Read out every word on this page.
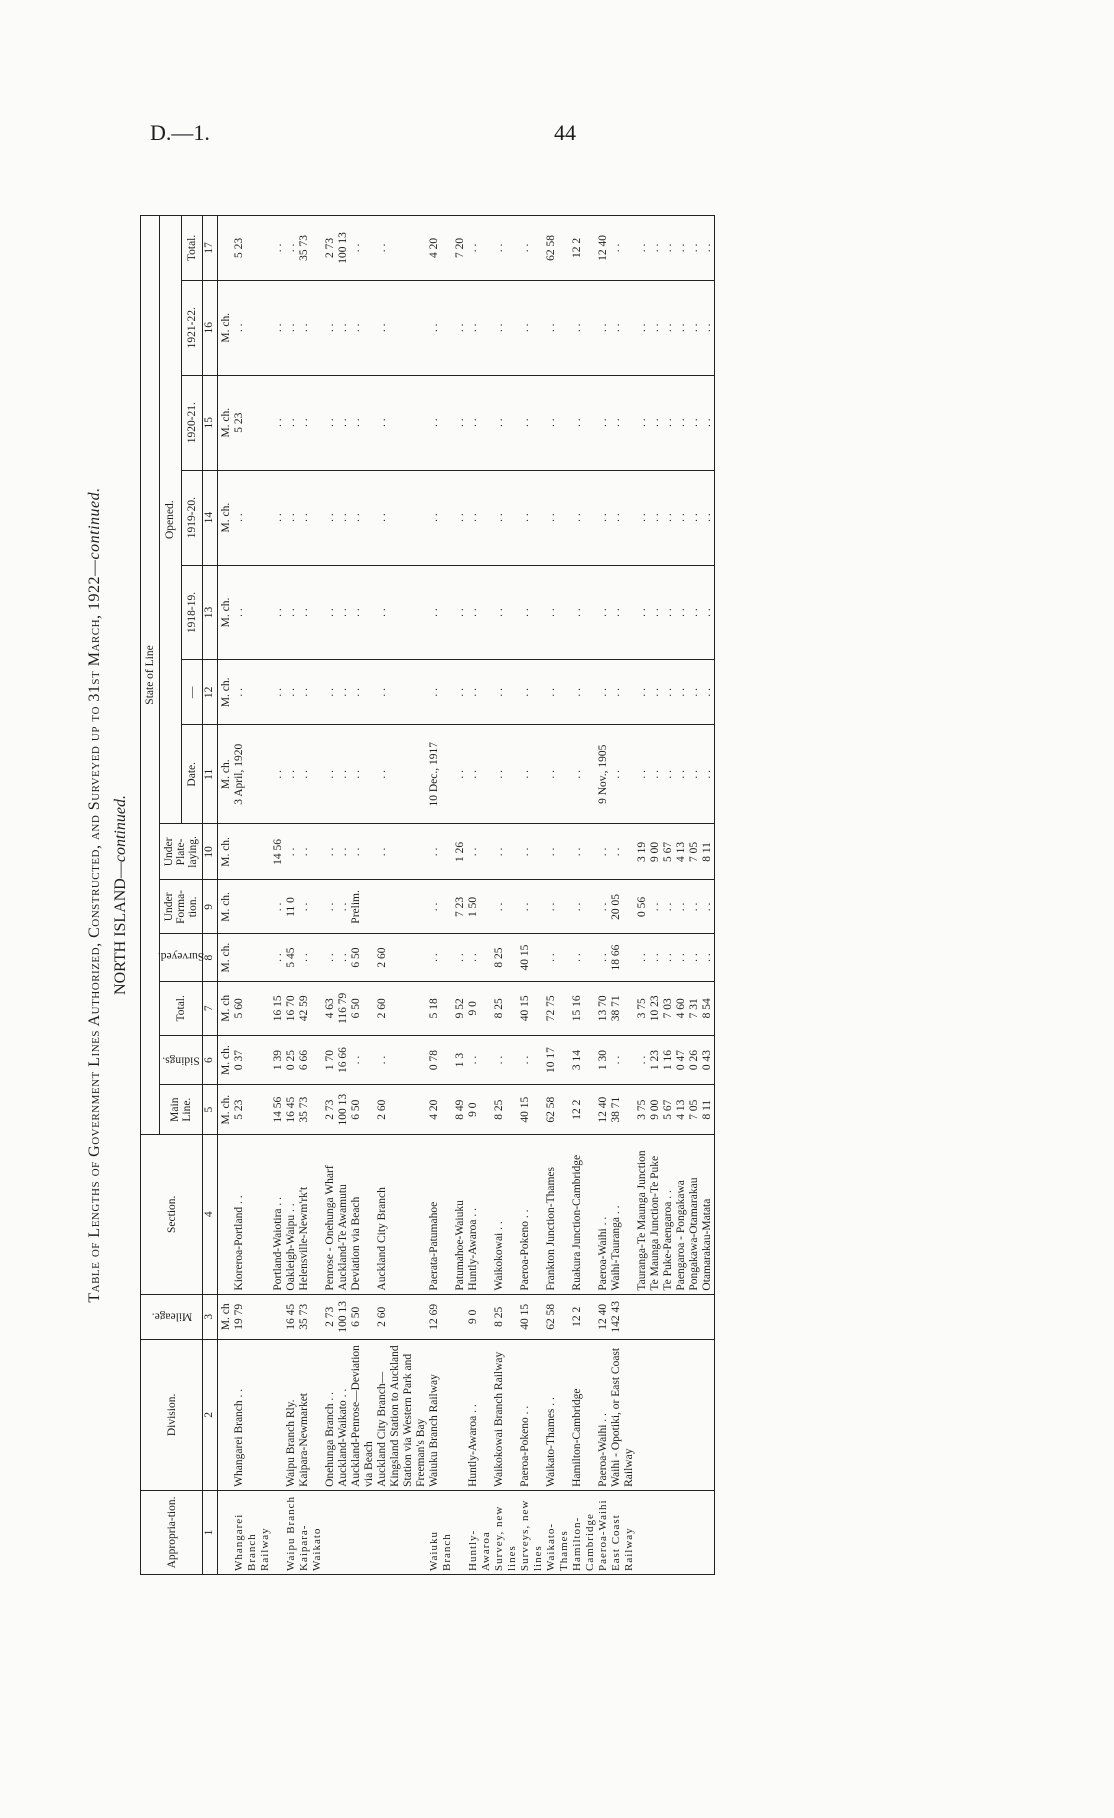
D.—1.	44
Table of Lengths of Government Lines Authorized, Constructed, and Surveyed up to 31st March, 1922—continued.
NORTH ISLAND—continued.
Appropria-tion.	Division.	Mileage.	Section.	State of Line												
				Main Line.	Sidings.	Total.	Surveyed.	Under Forma-tion.	Under Plate-laying.	Opened.						
										Date.	—	1918-19.	1919-20.	1920-21.	1921-22.	Total.
1	2	3	4	5	6	7	8	9	10	11	12	13	14	15	16	17
		M. ch		M. ch.	M. ch.	M. ch	M. ch.	M. ch.	M. ch.	M. ch.	M. ch.	M. ch.	M. ch.	M. ch.	M. ch.	
Whangarei Branch Railway	Whangarei Branch . .	19 79	Kioreroa-Portland . .	5 23	0 37	5 60				3 April, 1920	. .	. .	. .	5 23	. .	5 23
			Portland-Waiotira . .	14 56	1 39	16 15	. .	. .	14 56	. .	. .	. .	. .	. .	. .	. .
Waipu Branch	Waipu Branch Rly.	16 45	Oakleigh-Waipu . .	16 45	0 25	16 70	5 45	11 0	. .	. .	. .	. .	. .	. .	. .	. .
Kaipara-Waikato	Kaipara-Newmarket	35 73	Helensville-Newm'rk't	35 73	6 66	42 59	. .	. .	. .	. .	. .	. .	. .	. .	. .	35 73
	Onehunga Branch . .	2 73	Penrose - Onehunga Wharf	2 73	1 70	4 63	. .	. .	. .	. .	. .	. .	. .	. .	. .	2 73
	Auckland-Waikato . .	100 13	Auckland-Te Awamutu	100 13	16 66	116 79	. .	. .	. .	. .	. .	. .	. .	. .	. .	100 13
	Auckland-Penrose—Deviation via Beach	6 50	Deviation via Beach	6 50	. .	6 50	6 50	Prelim.	. .	. .	. .	. .	. .	. .	. .	. .
	Auckland City Branch—Kingsland Station to Auckland Station via Western Park and Freeman's Bay	2 60	Auckland City Branch	2 60	. .	2 60	2 60		. .	. .	. .	. .	. .	. .	. .	. .
Waiuku Branch	Waiuku Branch Railway	12 69	Paerata-Patumahoe	4 20	0 78	5 18	. .	. .	. .	10 Dec., 1917	. .	. .	. .	. .	. .	4 20
			Patumahoe-Waiuku	8 49	1 3	9 52	. .	7 23	1 26	. .	. .	. .	. .	. .	. .	7 20
Huntly-Awaroa	Huntly-Awaroa . .	9 0	Huntly-Awaroa . .	9 0	. .	9 0	. .	1 50	. .	. .	. .	. .	. .	. .	. .	. .
Survey, new lines	Waikokowai Branch Railway	8 25	Waikokowai . .	8 25	. .	8 25	8 25	. .	. .	. .	. .	. .	. .	. .	. .	. .
Surveys, new lines	Paeroa-Pokeno . .	40 15	Paeroa-Pokeno . .	40 15	. .	40 15	40 15	. .	. .	. .	. .	. .	. .	. .	. .	. .
Waikato-Thames	Waikato-Thames . .	62 58	Frankton Junction-Thames	62 58	10 17	72 75	. .	. .	. .	. .	. .	. .	. .	. .	. .	62 58
Hamilton-Cambridge	Hamilton-Cambridge	12 2	Ruakura Junction-Cambridge	12 2	3 14	15 16	. .	. .	. .	. .	. .	. .	. .	. .	. .	12 2
Paeroa-Waihi	Paeroa-Waihi . .	12 40	Paeroa-Waihi . .	12 40	1 30	13 70	. .	. .	. .	9 Nov., 1905	. .	. .	. .	. .	. .	12 40
East Coast Railway	Waihi - Opotiki, or East Coast Railway	142 43	Waihi-Tauranga . .	38 71	. .	38 71	18 66	20 05	. .	. .	. .	. .	. .	. .	. .	. .
			Tauranga-Te Maunga Junction	3 75	. .	3 75	. .	0 56	3 19	. .	. .	. .	. .	. .	. .	. .
			Te Maunga Junction-Te Puke	9 00	1 23	10 23	. .	. .	9 00	. .	. .	. .	. .	. .	. .	. .
			Te Puke-Paengaroa . .	5 67	1 16	7 03	. .	. .	5 67	. .	. .	. .	. .	. .	. .	. .
			Paengaroa - Pongakawa	4 13	0 47	4 60	. .	. .	4 13	. .	. .	. .	. .	. .	. .	. .
			Pongakawa-Otamarakau	7 05	0 26	7 31	. .	. .	7 05	. .	. .	. .	. .	. .	. .	. .
			Otamarakau-Matata	8 11	0 43	8 54	. .	. .	8 11	. .	. .	. .	. .	. .	. .	. .
